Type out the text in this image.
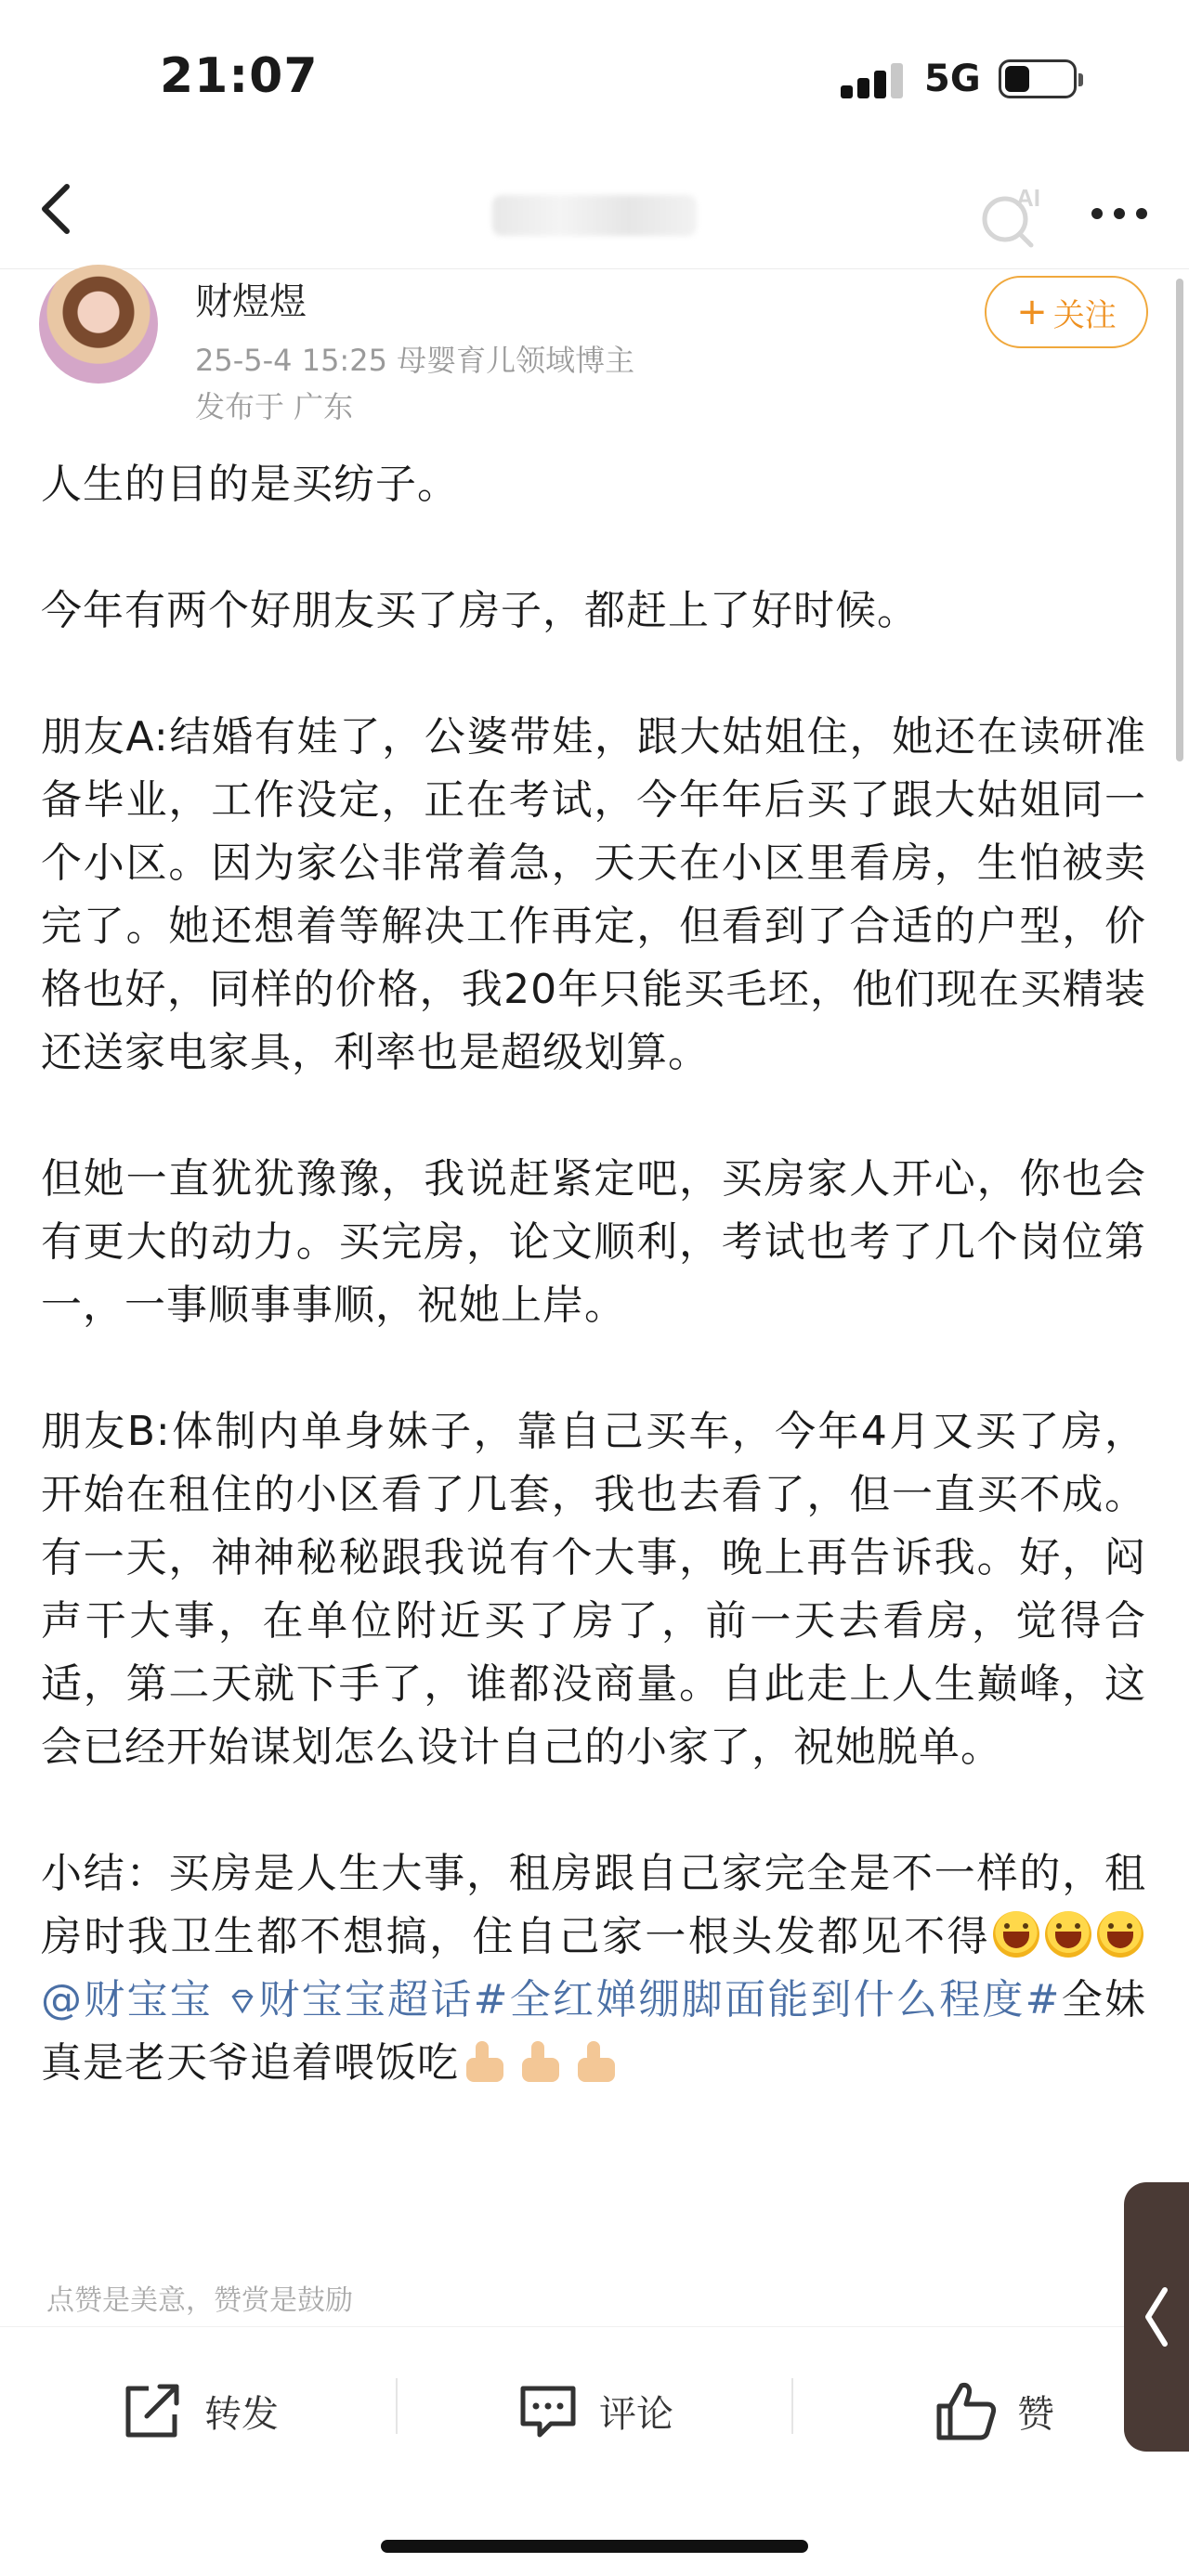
21:07	5G
AI
财煜煜
25-5-4 15:25 母婴育儿领域博主
发布于 广东
+ 关注

人生的目的是买纺子。

今年有两个好朋友买了房子，都赶上了好时候。

朋友A:结婚有娃了，公婆带娃，跟大姑姐住，她还在读研准备毕业，工作没定，正在考试，今年年后买了跟大姑姐同一个小区。因为家公非常着急，天天在小区里看房，生怕被卖完了。她还想着等解决工作再定，但看到了合适的户型，价格也好，同样的价格，我20年只能买毛坯，他们现在买精装还送家电家具，利率也是超级划算。

但她一直犹犹豫豫，我说赶紧定吧，买房家人开心，你也会有更大的动力。买完房，论文顺利，考试也考了几个岗位第一，一事顺事事顺，祝她上岸。

朋友B:体制内单身妹子，靠自己买车，今年4月又买了房，开始在租住的小区看了几套，我也去看了，但一直买不成。有一天，神神秘秘跟我说有个大事，晚上再告诉我。好，闷声干大事，在单位附近买了房了，前一天去看房，觉得合适，第二天就下手了，谁都没商量。自此走上人生巅峰，这会已经开始谋划怎么设计自己的小家了，祝她脱单。

小结：买房是人生大事，租房跟自己家完全是不一样的，租房时我卫生都不想搞，住自己家一根头发都见不得@财宝宝 财宝宝超话#全红婵绷脚面能到什么程度#全妹真是老天爷追着喂饭吃

点赞是美意，赞赏是鼓励
转发	评论	赞
